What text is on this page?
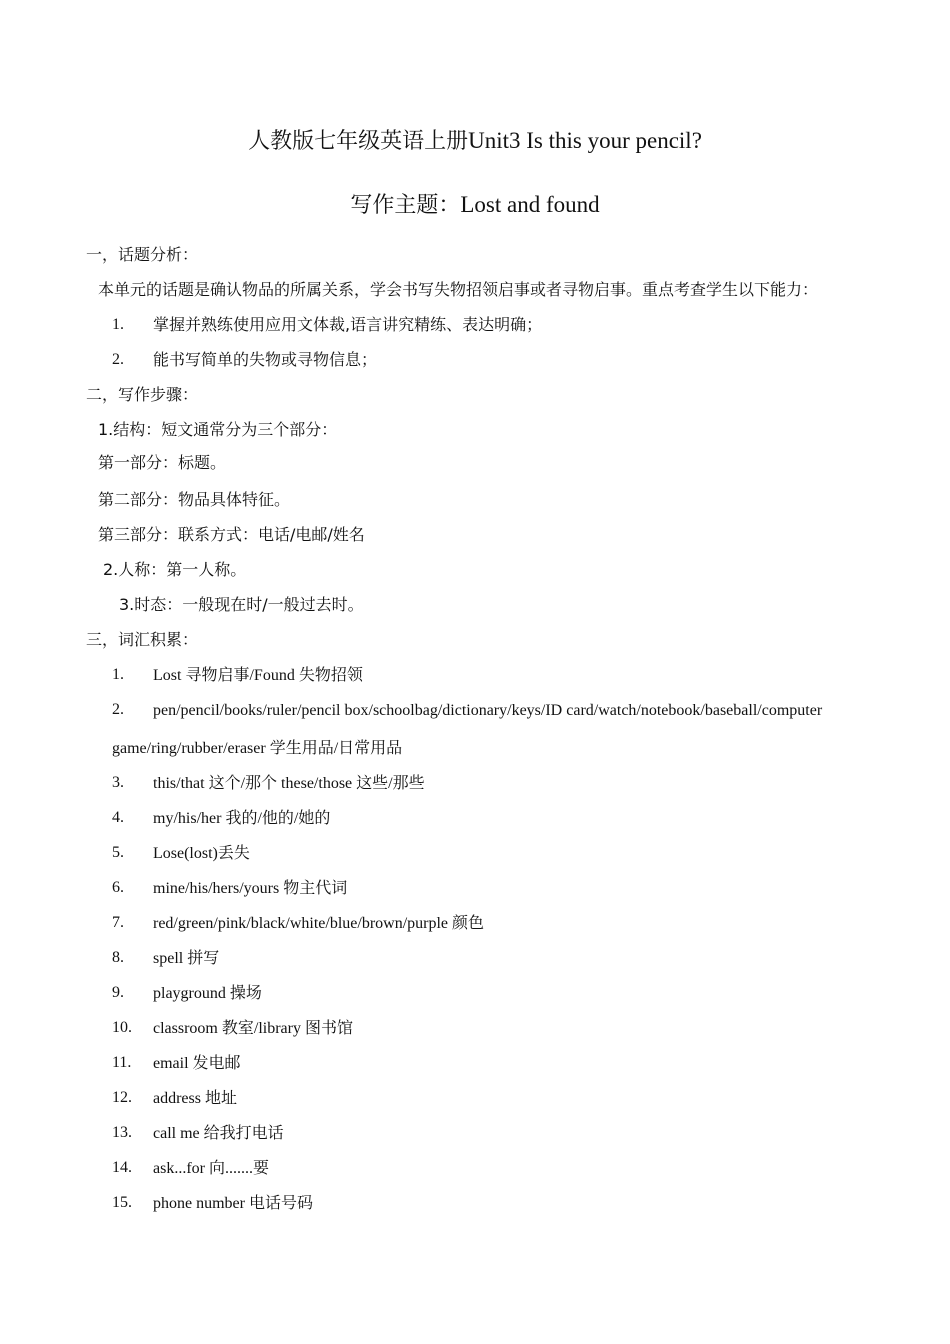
人教版七年级英语上册Unit3 Is this your pencil?
写作主题：Lost and found
一，话题分析：
本单元的话题是确认物品的所属关系，学会书写失物招领启事或者寻物启事。重点考查学生以下能力：
1. 掌握并熟练使用应用文体裁,语言讲究精练、表达明确；
2. 能书写简单的失物或寻物信息；
二，写作步骤：
1.结构：短文通常分为三个部分：
第一部分：标题。
第二部分：物品具体特征。
第三部分：联系方式：电话/电邮/姓名
2.人称：第一人称。
3.时态：一般现在时/一般过去时。
三，词汇积累：
1. Lost 寻物启事/Found 失物招领
2. pen/pencil/books/ruler/pencil box/schoolbag/dictionary/keys/ID card/watch/notebook/baseball/computer
game/ring/rubber/eraser 学生用品/日常用品
3. this/that 这个/那个 these/those 这些/那些
4. my/his/her 我的/他的/她的
5. Lose(lost)丢失
6. mine/his/hers/yours 物主代词
7. red/green/pink/black/white/blue/brown/purple 颜色
8. spell 拼写
9. playground 操场
10. classroom 教室/library 图书馆
11. email 发电邮
12. address 地址
13. call me 给我打电话
14. ask...for 向.......要
15. phone number 电话号码
